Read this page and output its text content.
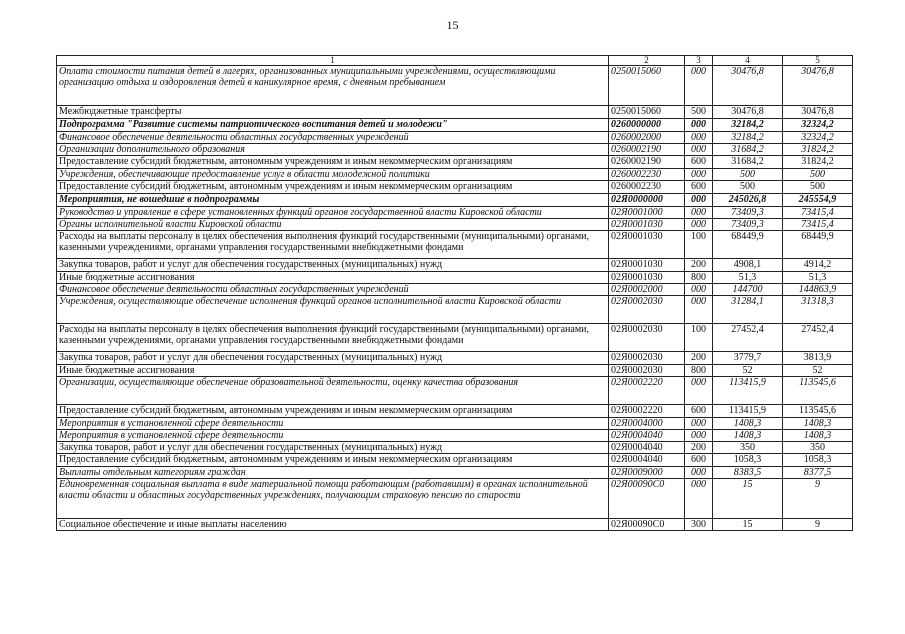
15
1	2	3	4	5
Оплата стоимости питания детей в лагерях, организованных муниципальными учреждениями, осуществляющими организацию отдыха и оздоровления детей в каникулярное время, с дневным пребыванием	0250015060	000	30476,8	30476,8
Межбюджетные трансферты	0250015060	500	30476,8	30476,8
Подпрограмма "Развитие системы патриотического воспитания детей и молодежи"	0260000000	000	32184,2	32324,2
Финансовое обеспечение деятельности областных государственных учреждений	0260002000	000	32184,2	32324,2
Организации дополнительного образования	0260002190	000	31684,2	31824,2
Предоставление субсидий бюджетным, автономным учреждениям и иным некоммерческим организациям	0260002190	600	31684,2	31824,2
Учреждения, обеспечивающие предоставление услуг в области молодежной политики	0260002230	000	500	500
Предоставление субсидий бюджетным, автономным учреждениям и иным некоммерческим организациям	0260002230	600	500	500
Мероприятия, не вошедшие в подпрограммы	02Я0000000	000	245026,8	245554,9
Руководство и управление в сфере установленных функций органов государственной власти Кировской области	02Я0001000	000	73409,3	73415,4
Органы исполнительной власти Кировской области	02Я0001030	000	73409,3	73415,4
Расходы на выплаты персоналу в целях обеспечения выполнения функций государственными (муниципальными) органами, казенными учреждениями, органами управления государственными внебюджетными фондами	02Я0001030	100	68449,9	68449,9
Закупка товаров, работ и услуг для обеспечения государственных (муниципальных) нужд	02Я0001030	200	4908,1	4914,2
Иные бюджетные ассигнования	02Я0001030	800	51,3	51,3
Финансовое обеспечение деятельности областных государственных учреждений	02Я0002000	000	144700	144863,9
Учреждения, осуществляющие обеспечение исполнения функций органов исполнительной власти Кировской области	02Я0002030	000	31284,1	31318,3
Расходы на выплаты персоналу в целях обеспечения выполнения функций государственными (муниципальными) органами, казенными учреждениями, органами управления государственными внебюджетными фондами	02Я0002030	100	27452,4	27452,4
Закупка товаров, работ и услуг для обеспечения государственных (муниципальных) нужд	02Я0002030	200	3779,7	3813,9
Иные бюджетные ассигнования	02Я0002030	800	52	52
Организации, осуществляющие обеспечение образовательной деятельности, оценку качества образования	02Я0002220	000	113415,9	113545,6
Предоставление субсидий бюджетным, автономным учреждениям и иным некоммерческим организациям	02Я0002220	600	113415,9	113545,6
Мероприятия в установленной сфере деятельности	02Я0004000	000	1408,3	1408,3
Мероприятия в установленной сфере деятельности	02Я0004040	000	1408,3	1408,3
Закупка товаров, работ и услуг для обеспечения государственных (муниципальных) нужд	02Я0004040	200	350	350
Предоставление субсидий бюджетным, автономным учреждениям и иным некоммерческим организациям	02Я0004040	600	1058,3	1058,3
Выплаты отдельным категориям граждан	02Я0009000	000	8383,5	8377,5
Единовременная социальная выплата в виде материальной помощи работающим (работавшим) в органах исполнительной власти области и областных государственных учреждениях, получающим страховую пенсию по старости	02Я00090С0	000	15	9
Социальное обеспечение и иные выплаты населению	02Я00090С0	300	15	9
